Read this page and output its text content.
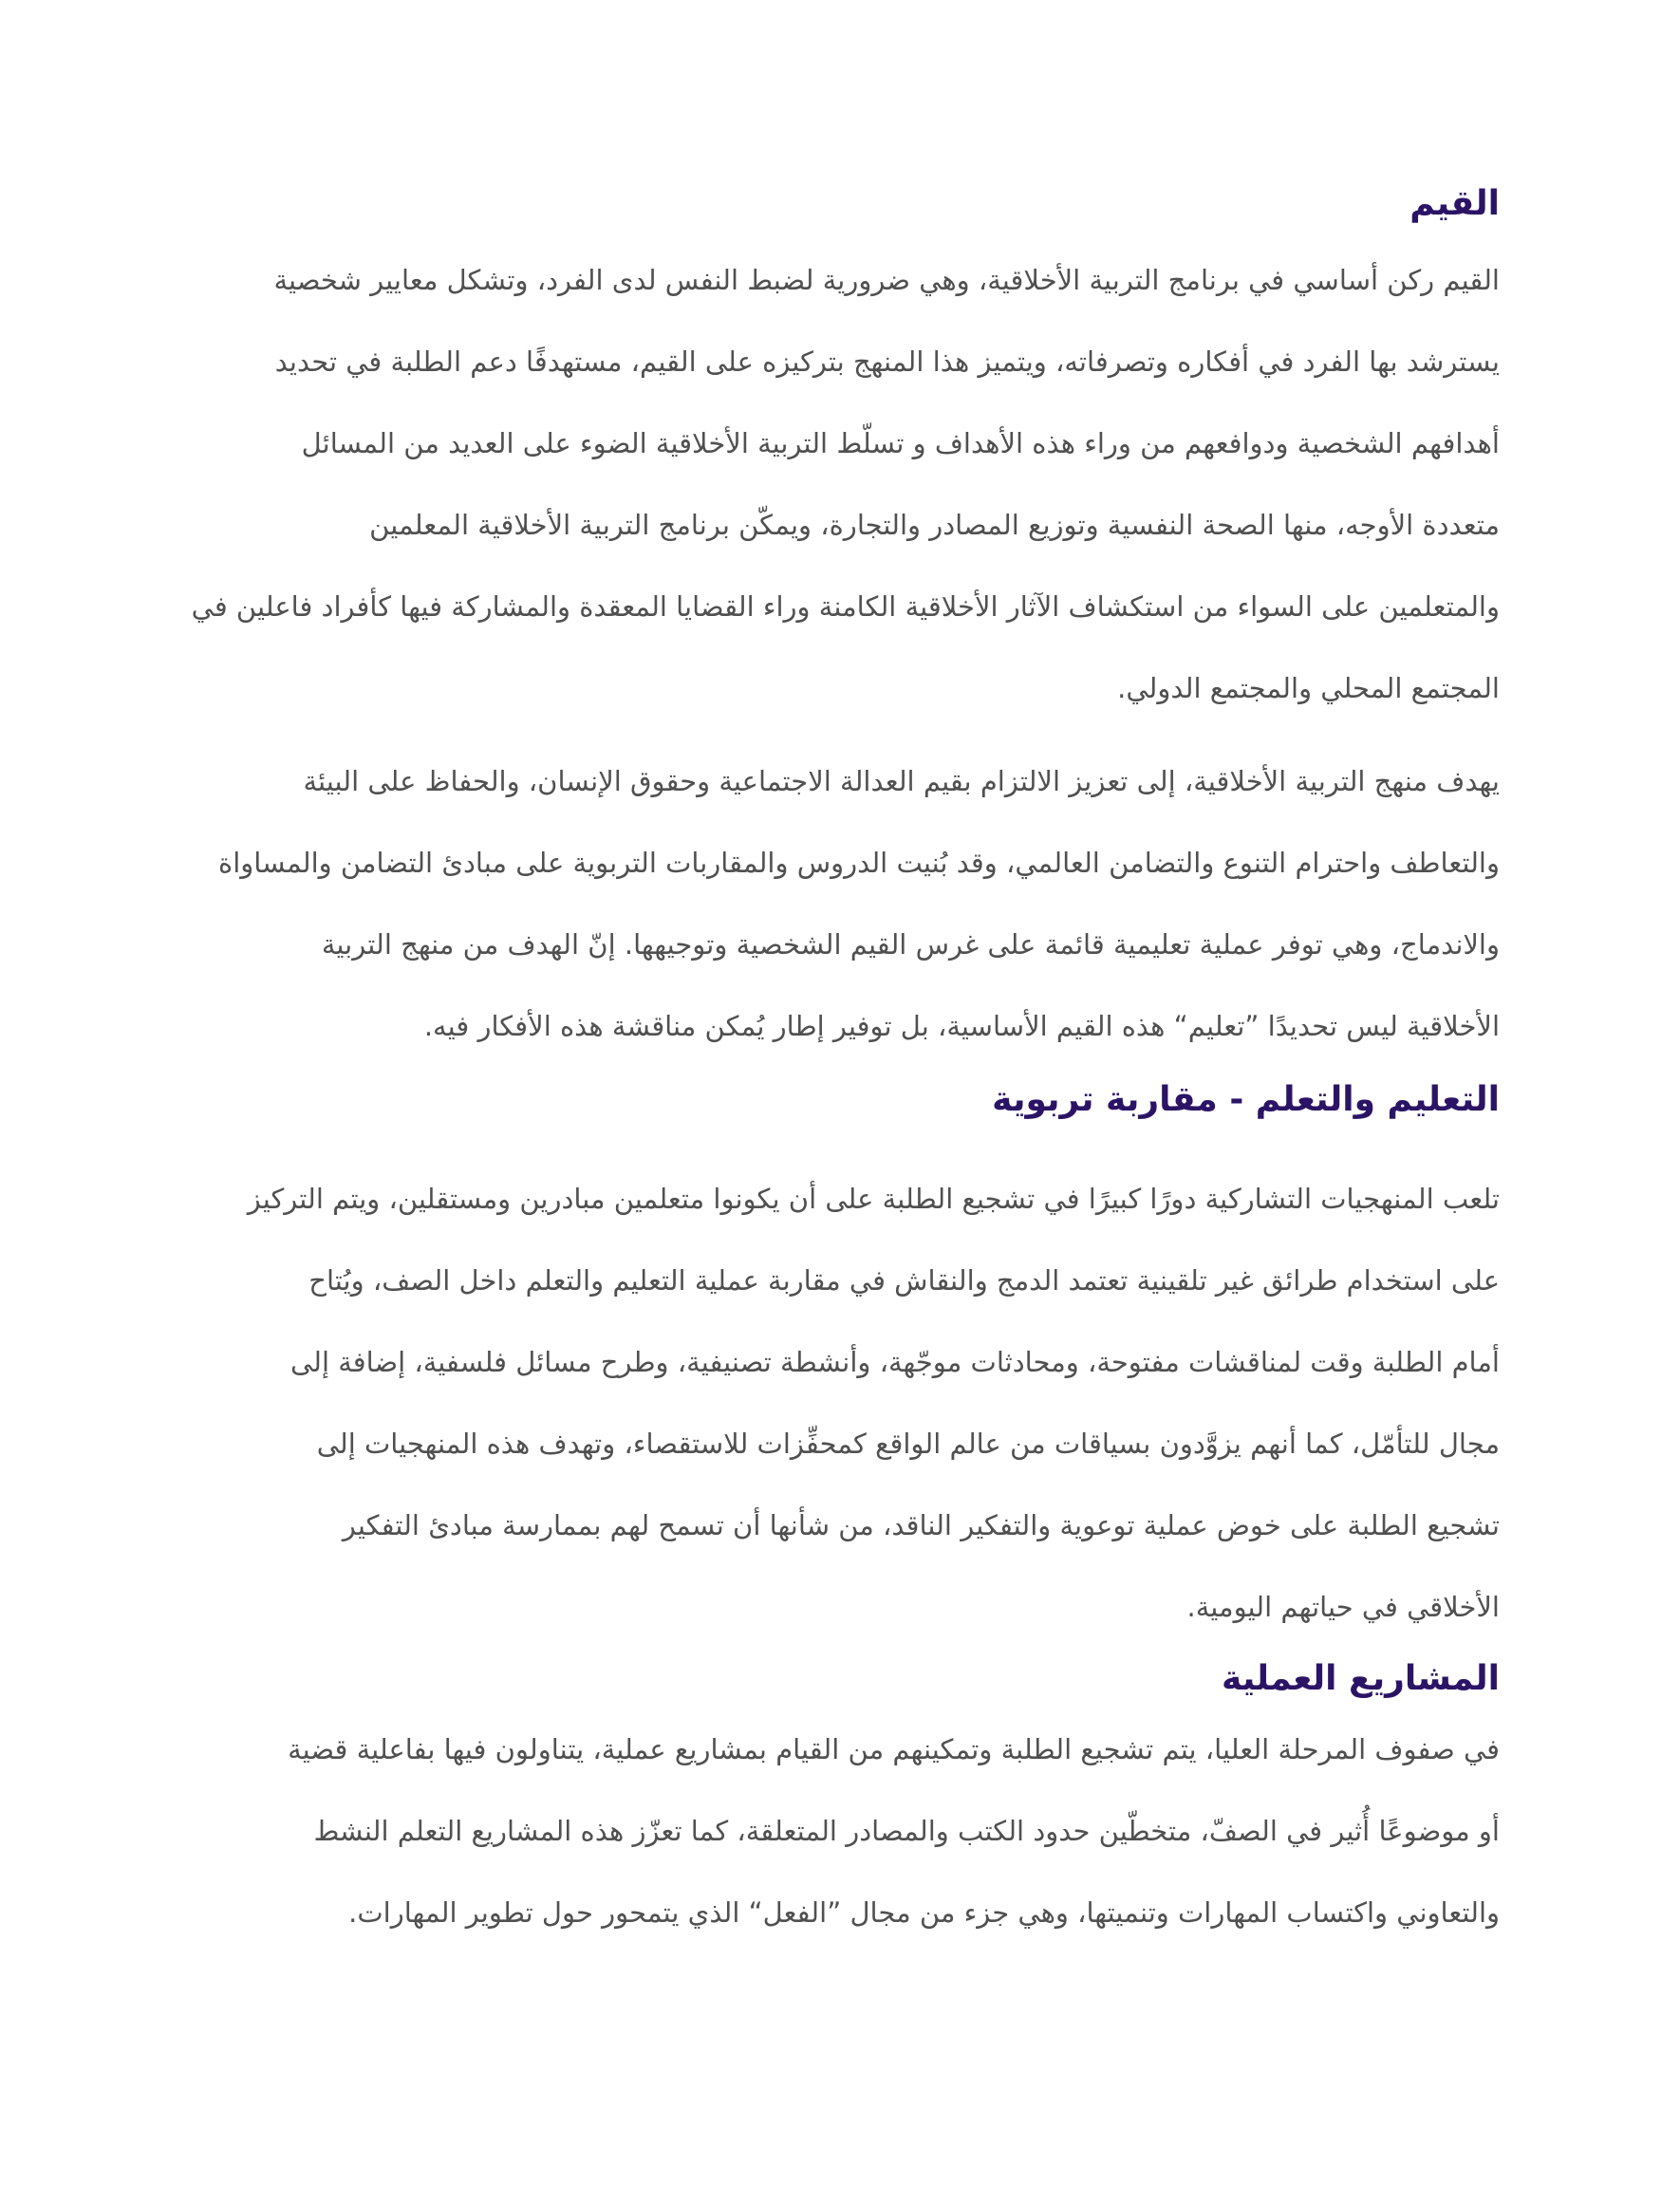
القيم

القيم ركن أساسي في برنامج التربية الأخلاقية، وهي ضرورية لضبط النفس لدى الفرد، وتشكل معايير شخصية
يسترشد بها الفرد في أفكاره وتصرفاته، ويتميز هذا المنهج بتركيزه على القيم، مستهدفًا دعم الطلبة في تحديد
أهدافهم الشخصية ودوافعهم من وراء هذه الأهداف و تسلّط التربية الأخلاقية الضوء على العديد من المسائل
متعددة الأوجه، منها الصحة النفسية وتوزيع المصادر والتجارة، ويمكّن برنامج التربية الأخلاقية المعلمين
والمتعلمين على السواء من استكشاف الآثار الأخلاقية الكامنة وراء القضايا المعقدة والمشاركة فيها كأفراد فاعلين في
المجتمع المحلي والمجتمع الدولي.

يهدف منهج التربية الأخلاقية، إلى تعزيز الالتزام بقيم العدالة الاجتماعية وحقوق الإنسان، والحفاظ على البيئة
والتعاطف واحترام التنوع والتضامن العالمي، وقد بُنيت الدروس والمقاربات التربوية على مبادئ التضامن والمساواة
والاندماج، وهي توفر عملية تعليمية قائمة على غرس القيم الشخصية وتوجيهها. إنّ الهدف من منهج التربية
الأخلاقية ليس تحديدًا ”تعليم“ هذه القيم الأساسية، بل توفير إطار يُمكن مناقشة هذه الأفكار فيه.

التعليم والتعلم - مقاربة تربوية

تلعب المنهجيات التشاركية دورًا كبيرًا في تشجيع الطلبة على أن يكونوا متعلمين مبادرين ومستقلين، ويتم التركيز
على استخدام طرائق غير تلقينية تعتمد الدمج والنقاش في مقاربة عملية التعليم والتعلم داخل الصف، ويُتاح
أمام الطلبة وقت لمناقشات مفتوحة، ومحادثات موجّهة، وأنشطة تصنيفية، وطرح مسائل فلسفية، إضافة إلى
مجال للتأمّل، كما أنهم يزوَّدون بسياقات من عالم الواقع كمحفِّزات للاستقصاء، وتهدف هذه المنهجيات إلى
تشجيع الطلبة على خوض عملية توعوية والتفكير الناقد، من شأنها أن تسمح لهم بممارسة مبادئ التفكير
الأخلاقي في حياتهم اليومية.

المشاريع العملية

في صفوف المرحلة العليا، يتم تشجيع الطلبة وتمكينهم من القيام بمشاريع عملية، يتناولون فيها بفاعلية قضية
أو موضوعًا أُثير في الصفّ، متخطّين حدود الكتب والمصادر المتعلقة، كما تعزّز هذه المشاريع التعلم النشط
والتعاوني واكتساب المهارات وتنميتها، وهي جزء من مجال ”الفعل“ الذي يتمحور حول تطوير المهارات.
